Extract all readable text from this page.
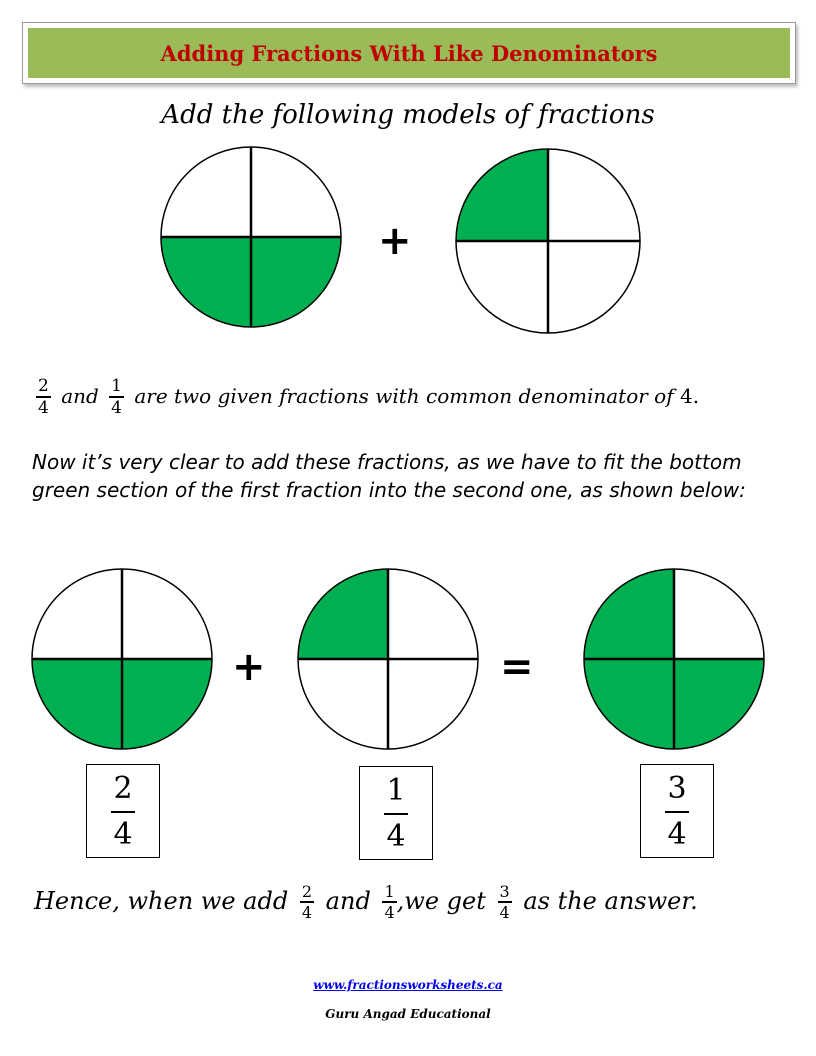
Adding Fractions With Like Denominators
Add the following models of fractions
+
$\frac{2}{4}$ and $\frac{1}{4}$ are two given fractions with common denominator of 4.
Now it’s very clear to add these fractions, as we have to fit the bottom green section of the first fraction into the second one, as shown below:
+	=
2
4
1
4
3
4
Hence, when we add $\frac{2}{4}$ and $\frac{1}{4} ,we$ get $\frac{3}{4}$ as the answer.
www.fractionsworksheets.ca
Guru Angad Educational
